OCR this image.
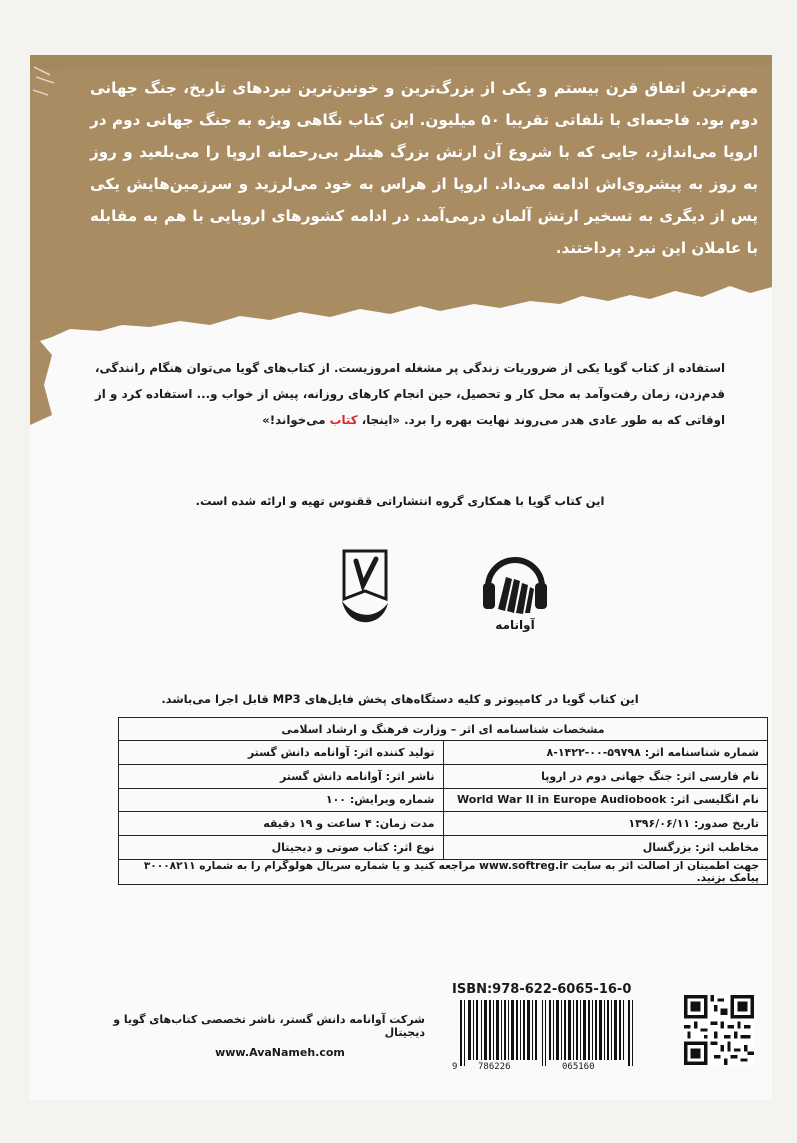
مهم‌ترین اتفاق قرن بیستم و یکی از بزرگ‌ترین و خونین‌ترین نبردهای تاریخ، جنگ جهانی دوم بود. فاجعه‌ای با تلفاتی تقریبا ۵۰ میلیون. این کتاب نگاهی ویژه به جنگ جهانی دوم در اروپا می‌اندازد، جایی که با شروع آن ارتش بزرگ هیتلر بی‌رحمانه اروپا را می‌بلعید و روز به روز به پیشروی‌اش ادامه می‌داد. اروپا از هراس به خود می‌لرزید و سرزمین‌هایش یکی پس از دیگری به تسخیر ارتش آلمان درمی‌آمد. در ادامه کشورهای اروپایی با هم به مقابله با عاملان این نبرد پرداختند.
استفاده از کتاب گویا یکی از ضروریات زندگی پر مشغله امروزیست. از کتاب‌های گویا می‌توان هنگام رانندگی، قدم‌زدن، زمان رفت‌وآمد به محل کار و تحصیل، حین انجام کارهای روزانه، پیش از خواب و... استفاده کرد و از اوقاتی که به طور عادی هدر می‌روند نهایت بهره را برد. «اینجا، کتاب می‌خواند!»
این کتاب گویا با همکاری گروه انتشاراتی ققنوس تهیه و ارائه شده است.
آوانامه
ققنوس
این کتاب گویا در کامپیوتر و کلیه دستگاه‌های پخش فایل‌های MP3 قابل اجرا می‌باشد.
مشخصات شناسنامه ای اثر – وزارت فرهنگ و ارشاد اسلامی	
شماره شناسنامه اثر: ۵۹۷۹۸-۰۰-۱۴۲۲-۸	تولید کننده اثر: آوانامه دانش گستر
نام فارسی اثر: جنگ جهانی دوم در اروپا	ناشر اثر: آوانامه دانش گستر
نام انگلیسی اثر: World War II in Europe Audiobook	شماره ویرایش: ۱۰۰
تاریخ صدور: ۱۳۹۶/۰۶/۱۱	مدت زمان: ۴ ساعت و ۱۹ دقیقه
مخاطب اثر: بزرگسال	نوع اثر: کتاب صوتی و دیجیتال
جهت اطمینان از اصالت اثر به سایت www.softreg.ir مراجعه کنید و یا شماره سریال هولوگرام را به شماره ۳۰۰۰۸۲۱۱ پیامک بزنید.	
شرکت آوانامه دانش گستر، ناشر تخصصی کتاب‌های گویا و دیجیتال
www.AvaNameh.com
ISBN:978-622-6065-16-0
9 786226	065160
